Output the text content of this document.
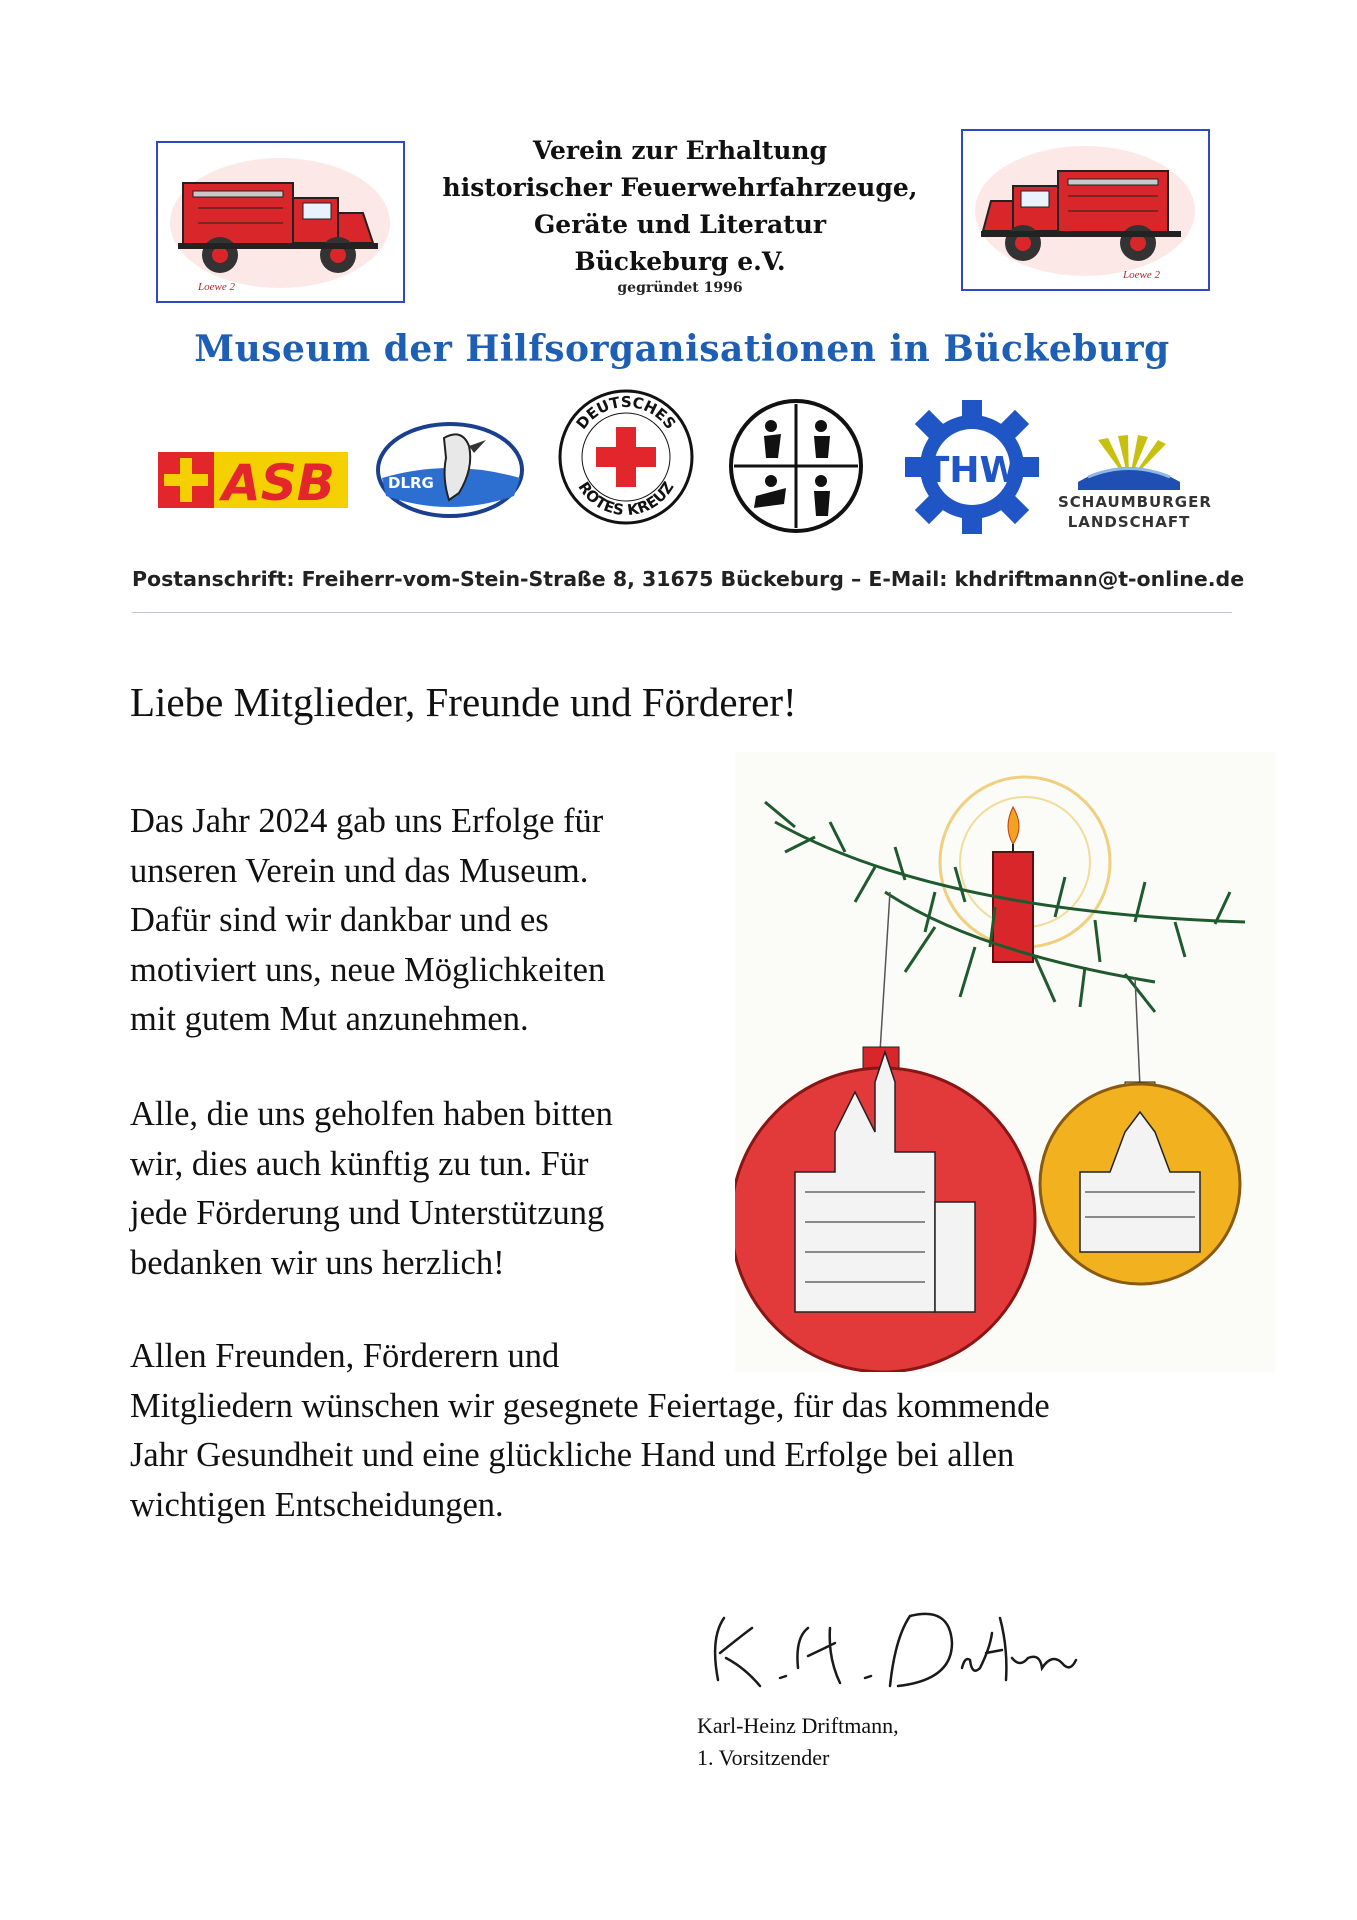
Loewe 2
Loewe 2
Verein zur Erhaltung
historischer Feuerwehrfahrzeuge,
Geräte und Literatur
Bückeburg e.V.
gegründet 1996
Museum der Hilfsorganisationen in Bückeburg
ASB	DLRG
DEUTSCHES
ROTES KREUZ	THW
SCHAUMBURGER
LANDSCHAFT
Postanschrift: Freiherr-vom-Stein-Straße 8, 31675 Bückeburg – E-Mail: khdriftmann@t-online.de
Liebe Mitglieder, Freunde und Förderer!
Das Jahr 2024 gab uns Erfolge für
unseren Verein und das Museum.
Dafür sind wir dankbar und es
motiviert uns, neue Möglichkeiten
mit gutem Mut anzunehmen.
Alle, die uns geholfen haben bitten
wir, dies auch künftig zu tun. Für
jede Förderung und Unterstützung
bedanken wir uns herzlich!
Allen Freunden, Förderern und
Mitgliedern wünschen wir gesegnete Feiertage, für das kommende
Jahr Gesundheit und eine glückliche Hand und Erfolge bei allen
wichtigen Entscheidungen.
Karl-Heinz Driftmann,
1. Vorsitzender
